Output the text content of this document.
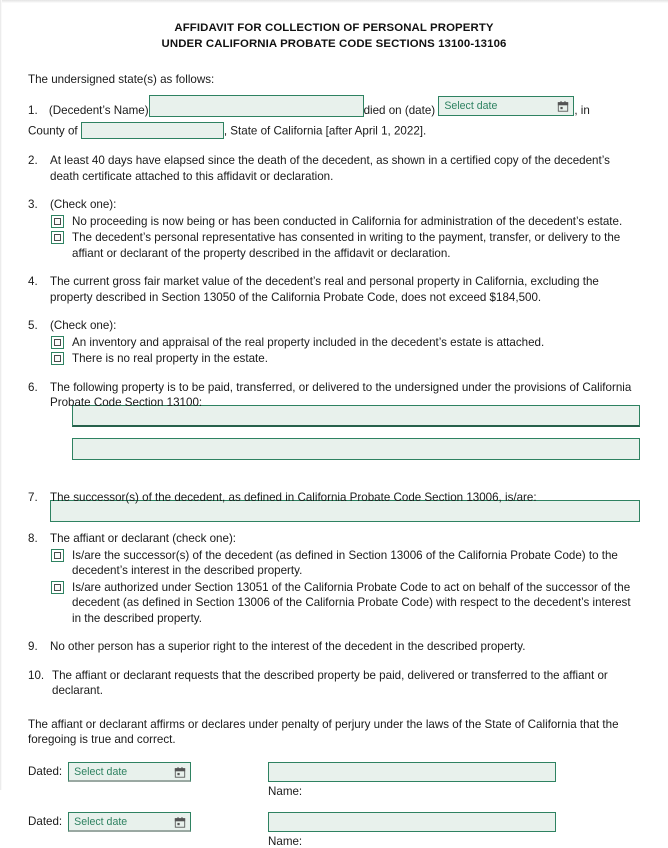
AFFIDAVIT FOR COLLECTION OF PERSONAL PROPERTY
UNDER CALIFORNIA PROBATE CODE SECTIONS 13100-13106
The undersigned state(s) as follows:
1. (Decedent’s Name)	died on (date) Select date	, in
County of	, State of California [after April 1, 2022].
2. At least 40 days have elapsed since the death of the decedent, as shown in a certified copy of the decedent’s death certificate attached to this affidavit or declaration.
3. (Check one):
No proceeding is now being or has been conducted in California for administration of the decedent’s estate.
The decedent’s personal representative has consented in writing to the payment, transfer, or delivery to the affiant or declarant of the property described in the affidavit or declaration.
4. The current gross fair market value of the decedent’s real and personal property in California, excluding the property described in Section 13050 of the California Probate Code, does not exceed $184,500.
5. (Check one):
An inventory and appraisal of the real property included in the decedent’s estate is attached.
There is no real property in the estate.
6. The following property is to be paid, transferred, or delivered to the undersigned under the provisions of California Probate Code Section 13100:
7. The successor(s) of the decedent, as defined in California Probate Code Section 13006, is/are:
8. The affiant or declarant (check one):
Is/are the successor(s) of the decedent (as defined in Section 13006 of the California Probate Code) to the decedent’s interest in the described property.
Is/are authorized under Section 13051 of the California Probate Code to act on behalf of the successor of the decedent (as defined in Section 13006 of the California Probate Code) with respect to the decedent’s interest in the described property.
9. No other person has a superior right to the interest of the decedent in the described property.
10. The affiant or declarant requests that the described property be paid, delivered or transferred to the affiant or declarant.
The affiant or declarant affirms or declares under penalty of perjury under the laws of the State of California that the foregoing is true and correct.
Dated: Select date
Name:
Dated: Select date
Name:
